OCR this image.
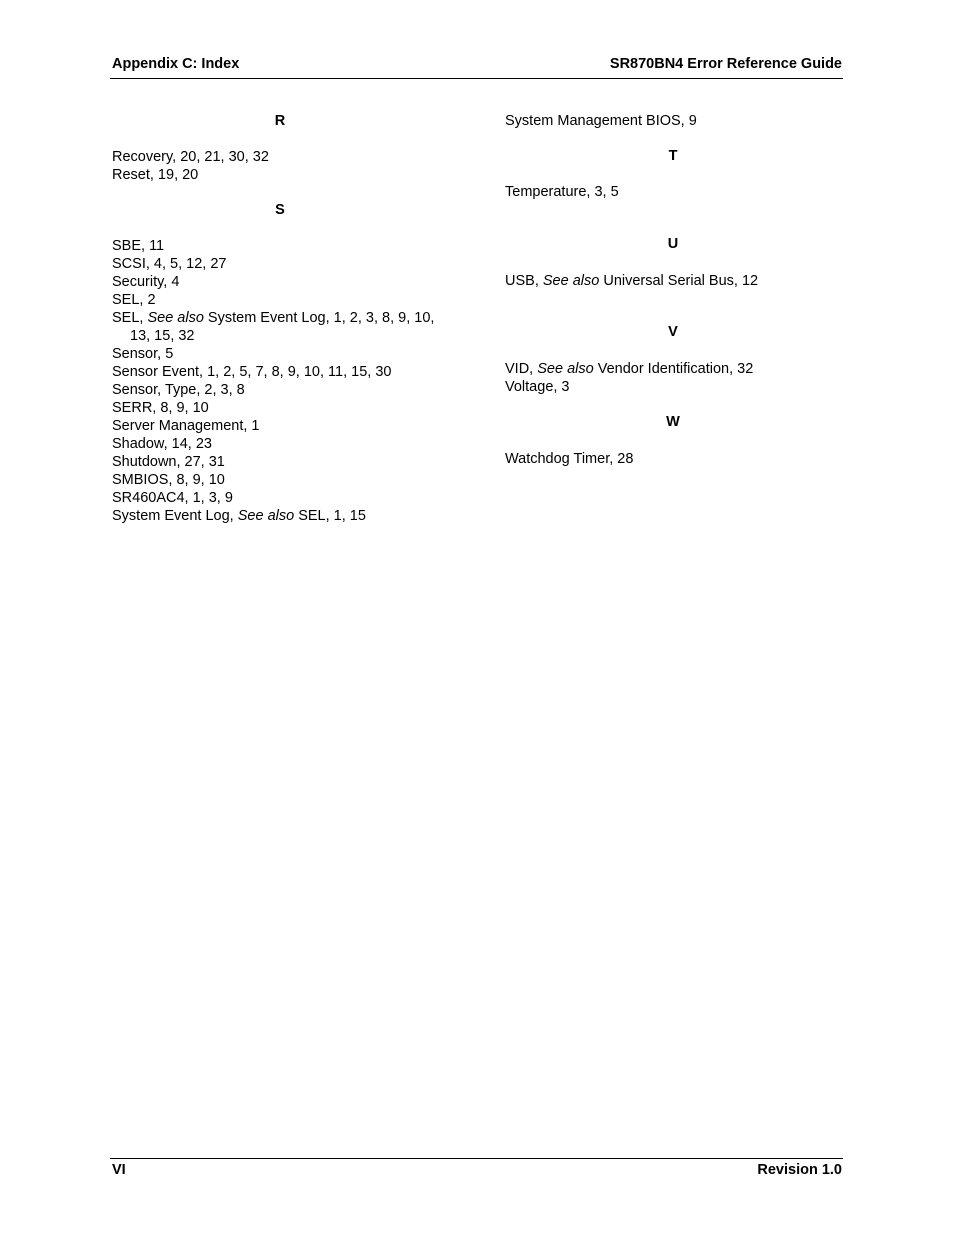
Appendix C: Index	SR870BN4 Error Reference Guide
R
Recovery, 20, 21, 30, 32
Reset, 19, 20
S
SBE, 11
SCSI, 4, 5, 12, 27
Security, 4
SEL, 2
SEL, See also System Event Log, 1, 2, 3, 8, 9, 10, 13, 15, 32
Sensor, 5
Sensor Event, 1, 2, 5, 7, 8, 9, 10, 11, 15, 30
Sensor, Type, 2, 3, 8
SERR, 8, 9, 10
Server Management, 1
Shadow, 14, 23
Shutdown, 27, 31
SMBIOS, 8, 9, 10
SR460AC4, 1, 3, 9
System Event Log, See also SEL, 1, 15
System Management BIOS, 9
T
Temperature, 3, 5
U
USB, See also Universal Serial Bus, 12
V
VID, See also Vendor Identification, 32
Voltage, 3
W
Watchdog Timer, 28
VI	Revision 1.0
